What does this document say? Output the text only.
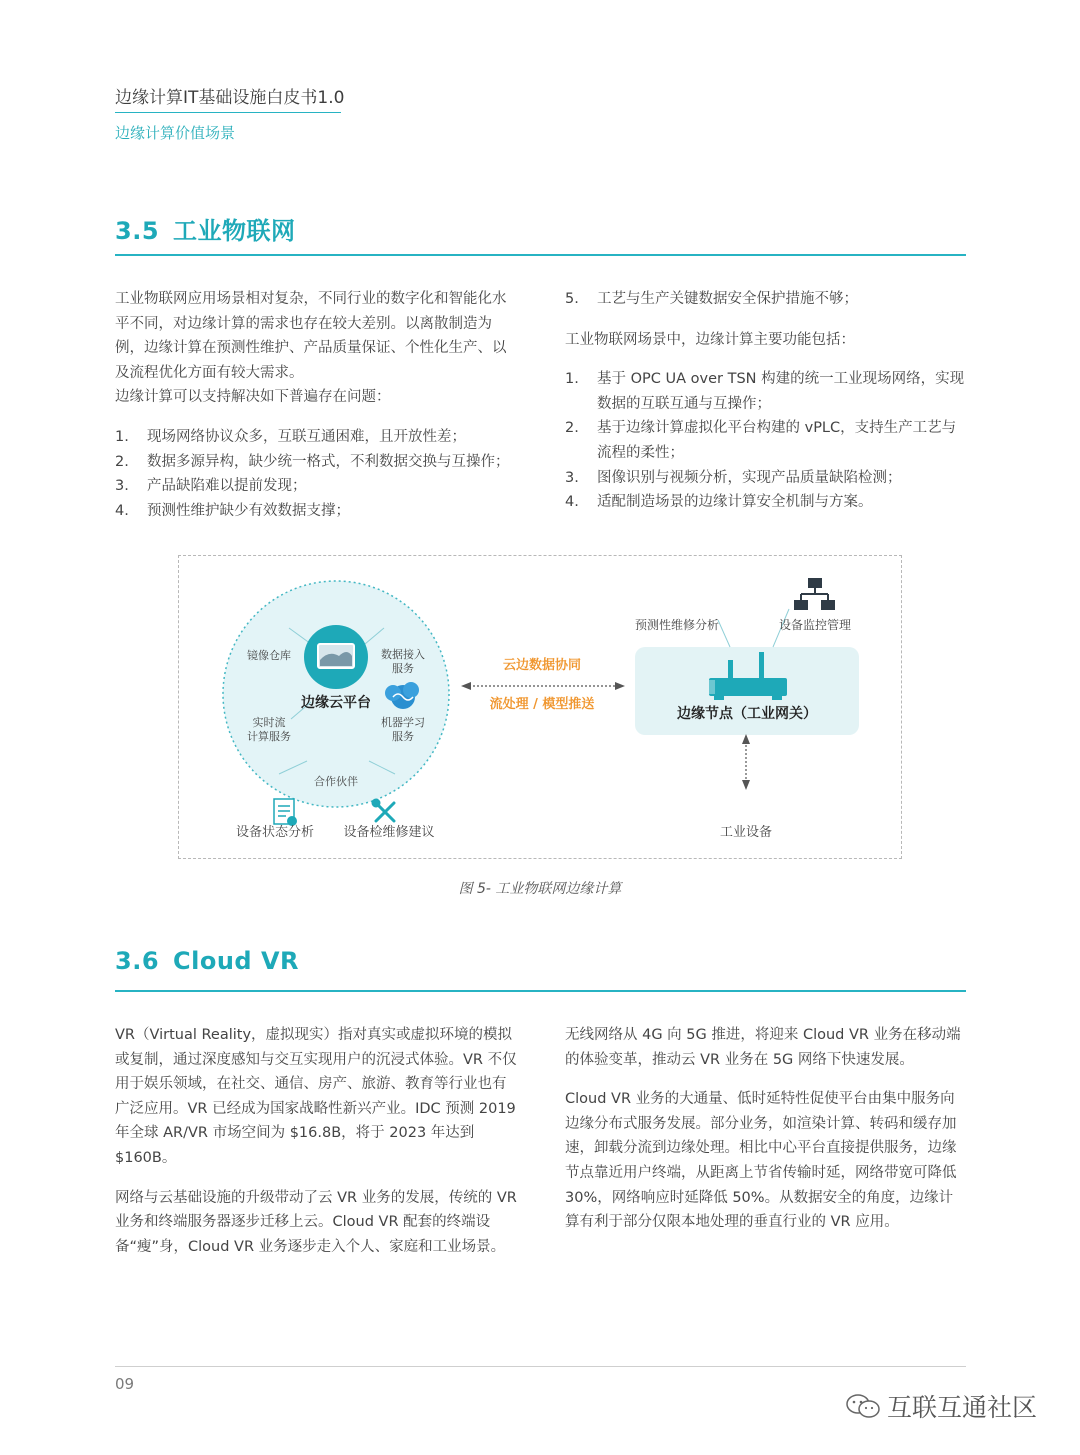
边缘计算IT基础设施白皮书1.0
边缘计算价值场景
3.5 工业物联网

工业物联网应用场景相对复杂，不同行业的数字化和智能化水平不同，对边缘计算的需求也存在较大差别。以离散制造为例，边缘计算在预测性维护、产品质量保证、个性化生产、以及流程优化方面有较大需求。

边缘计算可以支持解决如下普遍存在问题：

1. 现场网络协议众多，互联互通困难，且开放性差；
2. 数据多源异构，缺少统一格式，不利数据交换与互操作；
3. 产品缺陷难以提前发现；
4. 预测性维护缺少有效数据支撑；
5. 工艺与生产关键数据安全保护措施不够；

工业物联网场景中，边缘计算主要功能包括：

1. 基于 OPC UA over TSN 构建的统一工业现场网络，实现数据的互联互通与互操作；
2. 基于边缘计算虚拟化平台构建的 vPLC，支持生产工艺与流程的柔性；
3. 图像识别与视频分析，实现产品质量缺陷检测；
4. 适配制造场景的边缘计算安全机制与方案。
镜像仓库	数据接入
服务
边缘云平台
实时流
计算服务
机器学习
服务
合作伙伴
设备状态分析	设备检维修建议
云边数据协同
流处理 / 模型推送
预测性维修分析	设备监控管理
边缘节点（工业网关）
工业设备
图 5- 工业物联网边缘计算
3.6 Cloud VR

VR（Virtual Reality，虚拟现实）指对真实或虚拟环境的模拟或复制，通过深度感知与交互实现用户的沉浸式体验。VR 不仅用于娱乐领域，在社交、通信、房产、旅游、教育等行业也有广泛应用。VR 已经成为国家战略性新兴产业。IDC 预测 2019 年全球 AR/VR 市场空间为 $16.8B，将于 2023 年达到 $160B。

网络与云基础设施的升级带动了云 VR 业务的发展，传统的 VR 业务和终端服务器逐步迁移上云。Cloud VR 配套的终端设备“瘦”身，Cloud VR 业务逐步走入个人、家庭和工业场景。

无线网络从 4G 向 5G 推进，将迎来 Cloud VR 业务在移动端的体验变革，推动云 VR 业务在 5G 网络下快速发展。

Cloud VR 业务的大通量、低时延特性促使平台由集中服务向边缘分布式服务发展。部分业务，如渲染计算、转码和缓存加速，卸载分流到边缘处理。相比中心平台直接提供服务，边缘节点靠近用户终端，从距离上节省传输时延，网络带宽可降低 30%，网络响应时延降低 50%。从数据安全的角度，边缘计算有利于部分仅限本地处理的垂直行业的 VR 应用。

09
互联互通社区
